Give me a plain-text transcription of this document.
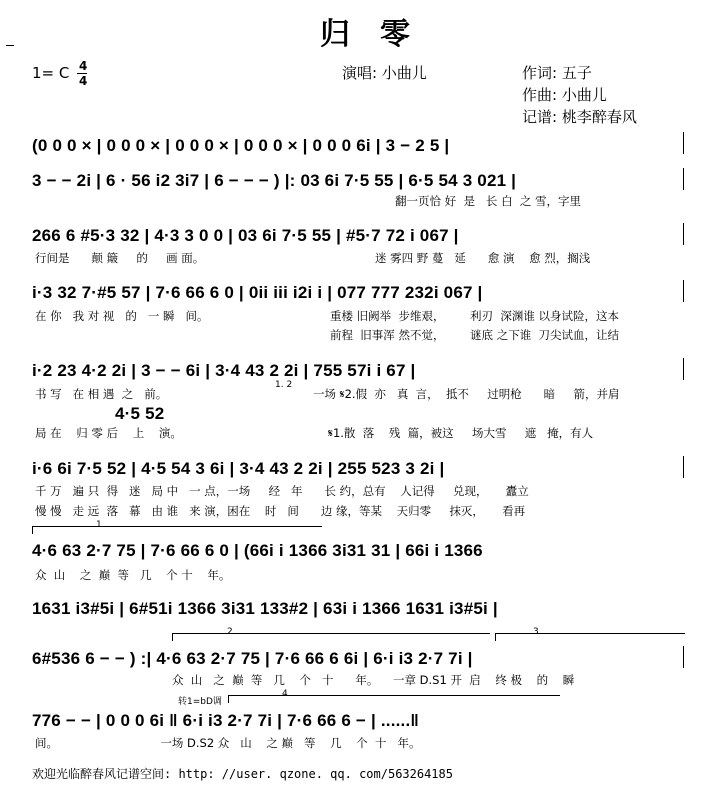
归　零
1= C 4
4	演唱: 小曲儿	作词: 五子
作曲: 小曲儿
记谱: 桃李醉春风
(0 0 0 × | 0 0 0 × | 0 0 0 × | 0 0 0 × | 0 0 0 6i | 3 − 2 5 |
3 − − 2i | 6 · 56 i2 3i7 | 6 − − − ) |: 03 6i 7·5 55 | 6·5 54 3 021 |
翻一页恰 好  是   长 白  之 雪，字里
266 6 #5·3 32 | 4·3 3 0 0 | 03 6i 7·5 55 | #5·7 72 i 067 |
行间是      颠 簸     的     画 面。	迷 雾四 野 蔓   延      愈 演    愈 烈，搁浅
i·3 32 7·#5 57 | 7·6 66 6 0 | 0ii iii i2i i | 077 777 232i 067 |
在 你   我 对 视   的   一 瞬   间。	重楼 旧阙举  步维艰，       利刃  深渊谁 以身试险，这本
前程  旧事浑 然不觉，       谜底 之下谁  刀尖试血，让结
i·2 23 4·2 2i | 3 − − 6i | 3·4 43 2 2i | 755 57i i 67 |
书 写   在 相 遇  之   前。	一场 𝄋2.假  亦   真  言，  抵不     过明枪      暗     箭，并肩
4·5 52
局 在    归 零 后    上    演。	𝄋1.散  落    残  篇，被这     场大雪     遮   掩，有人
i·6 6i 7·5 52 | 4·5 54 3 6i | 3·4 43 2 2i | 255 523 3 2i |
千 万   遍 只  得   迷   局 中   一 点，一场     经   年      长 约，总有    人记得     兑现，     蠹立
慢 慢   走 远  落   幕   由 谁   来 演，困在    时   间      边 缘，等某    天归零     抹灭，     看再
4·6 63 2·7 75 | 7·6 66 6 0 | (66i i 1366 3i31 31 | 66i i 1366
众  山    之  巅  等   几    个 十    年。
1631 i3#5i | 6#51i 1366 3i31 133#2 | 63i i 1366 1631 i3#5i |
6#536 6 − − ) :| 4·6 63 2·7 75 | 7·6 66 6 6i | 6·i i3 2·7 7i |
众  山   之  巅  等   几    个   十      年。    一章 D.S1 开  启    终 极    的    瞬
776 − − | 0 0 0 6i ‖ 6·i i3 2·7 7i | 7·6 66 6 − | ......‖
间。                            一场 D.S2 众   山    之 巅   等    几    个  十   年。
1. 2
1
2	3
4
转1=bD调
欢迎光临醉春风记谱空间: http: //user. qzone. qq. com/563264185
